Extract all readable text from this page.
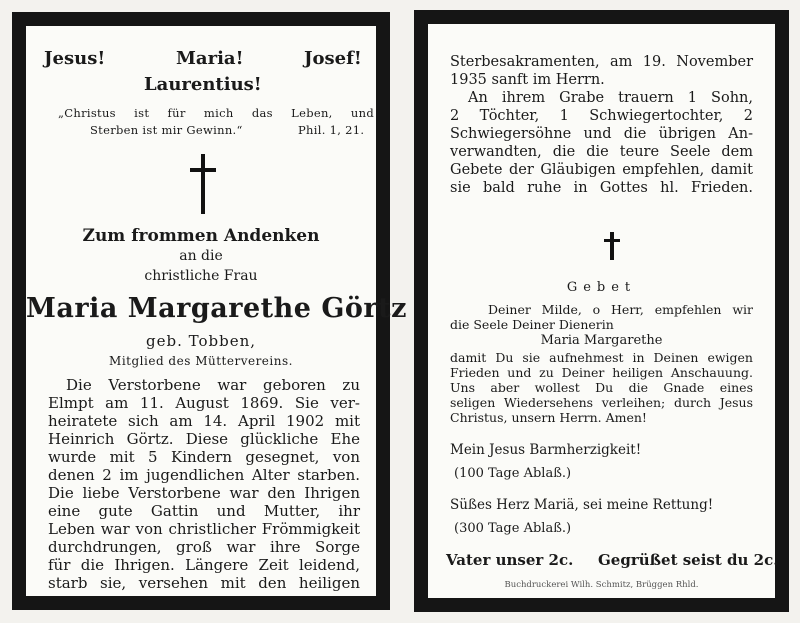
Jesus!	Maria!	Josef!
Laurentius!
„Christus ist für mich das Leben, und
Sterben ist mir Gewinn.“	Phil. 1, 21.
Zum frommen Andenken
an die
christliche Frau
Maria Margarethe Görtz
geb. Tobben,
Mitglied des Müttervereins.
Die Verstorbene war geboren zu
Elmpt am 11. August 1869. Sie ver-
heiratete sich am 14. April 1902 mit
Heinrich Görtz. Diese glückliche Ehe
wurde mit 5 Kindern gesegnet, von
denen 2 im jugendlichen Alter starben.
Die liebe Verstorbene war den Ihrigen
eine gute Gattin und Mutter, ihr
Leben war von christlicher Frömmigkeit
durchdrungen, groß war ihre Sorge
für die Ihrigen. Längere Zeit leidend,
starb sie, versehen mit den heiligen
Sterbesakramenten, am 19. November
1935 sanft im Herrn.
An ihrem Grabe trauern 1 Sohn,
2 Töchter, 1 Schwiegertochter, 2
Schwiegersöhne und die übrigen An-
verwandten, die die teure Seele dem
Gebete der Gläubigen empfehlen, damit
sie bald ruhe in Gottes hl. Frieden.
Gebet
Deiner Milde, o Herr, empfehlen wir
die Seele Deiner Dienerin
Maria Margarethe
damit Du sie aufnehmest in Deinen ewigen
Frieden und zu Deiner heiligen Anschauung.
Uns aber wollest Du die Gnade eines
seligen Wiedersehens verleihen; durch Jesus
Christus, unsern Herrn. Amen!
Mein Jesus Barmherzigkeit!
(100 Tage Ablaß.)
Süßes Herz Mariä, sei meine Rettung!
(300 Tage Ablaß.)
Vater unser 2c. Gegrüßet seist du 2c.
Buchdruckerei Wilh. Schmitz, Brüggen Rhld.
